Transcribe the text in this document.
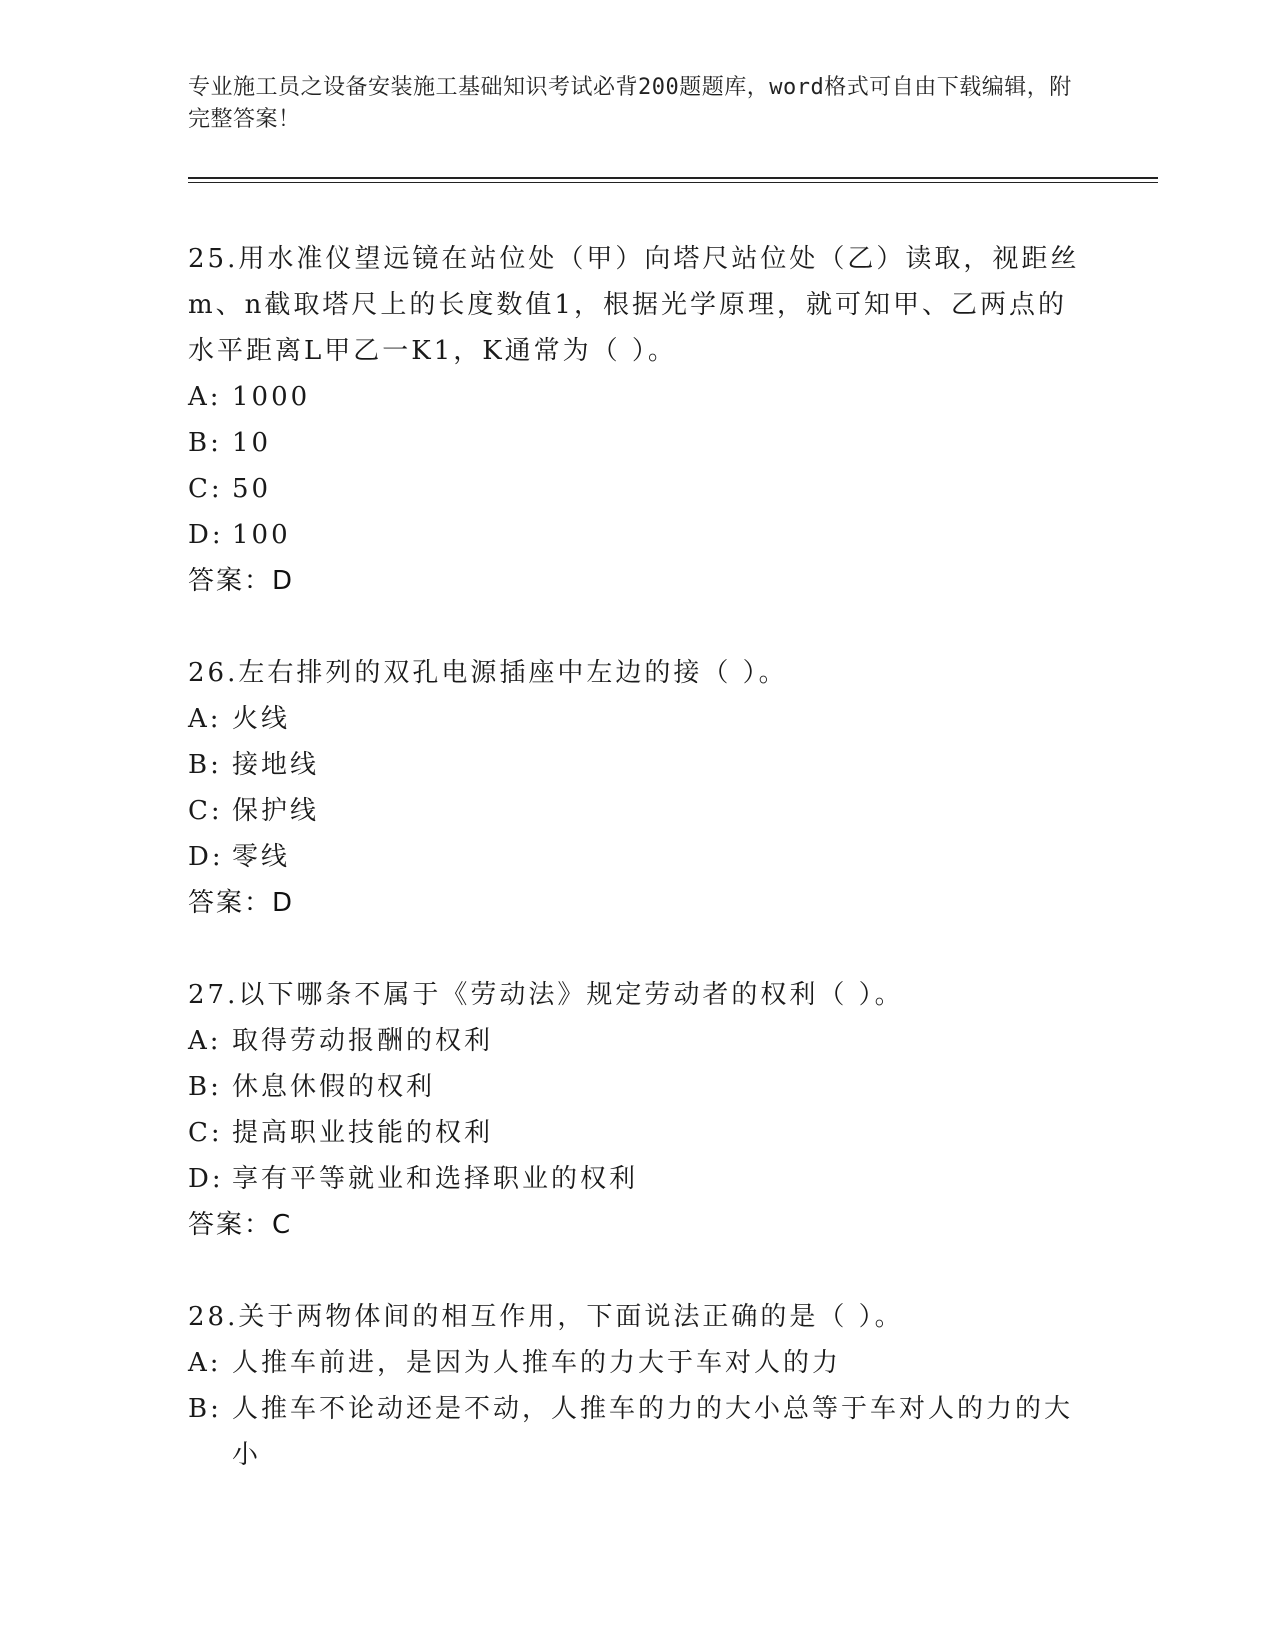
专业施工员之设备安装施工基础知识考试必背200题题库，word格式可自由下载编辑，附完整答案！
25.用水准仪望远镜在站位处（甲）向塔尺站位处（乙）读取，视距丝m、n截取塔尺上的长度数值1，根据光学原理，就可知甲、乙两点的水平距离L甲乙一K1，K通常为（ ）。
A: 1000
B: 10
C: 50
D: 100
答案：D
26.左右排列的双孔电源插座中左边的接（ ）。
A: 火线
B: 接地线
C: 保护线
D: 零线
答案：D
27.以下哪条不属于《劳动法》规定劳动者的权利（ ）。
A: 取得劳动报酬的权利
B: 休息休假的权利
C: 提高职业技能的权利
D: 享有平等就业和选择职业的权利
答案：C
28.关于两物体间的相互作用，下面说法正确的是（ ）。
A: 人推车前进，是因为人推车的力大于车对人的力
B: 人推车不论动还是不动，人推车的力的大小总等于车对人的力的大小
